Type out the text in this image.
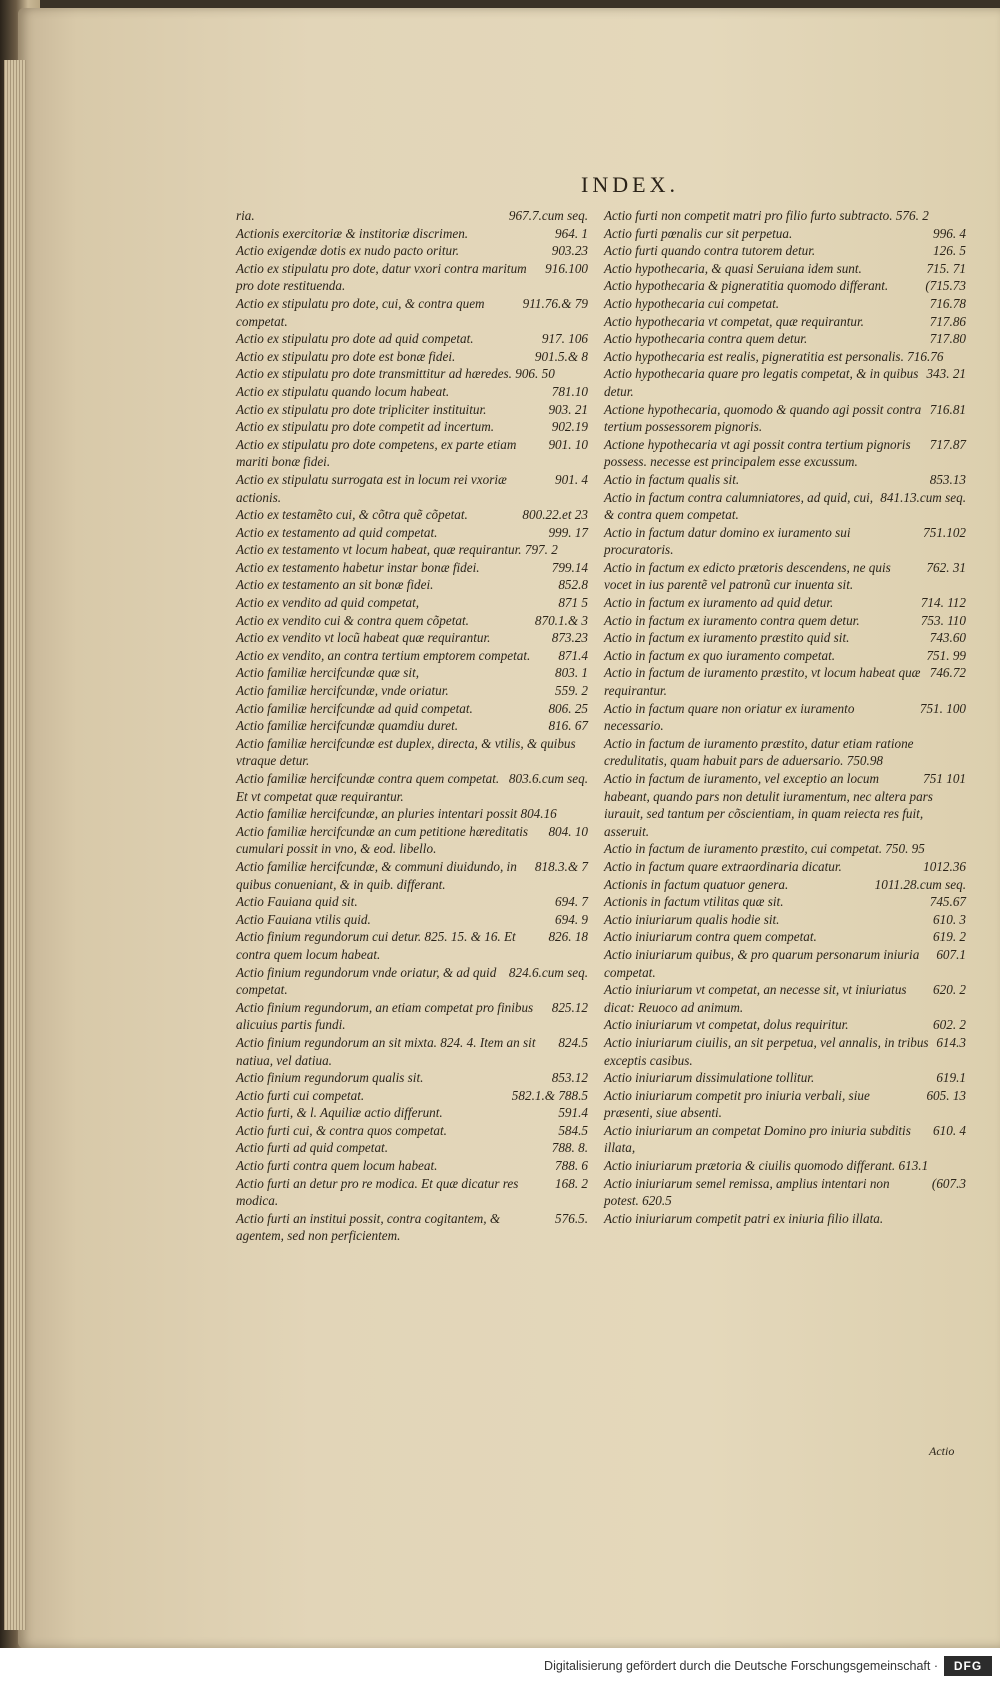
INDEX.

967.7.cum seq.
ria.

964. 1
Actionis exercitoriæ & institoriæ discrimen.

903.23
Actio exigendæ dotis ex nudo pacto oritur.

916.100
Actio ex stipulatu pro dote, datur vxori contra maritum pro dote restituenda.

911.76.& 79
Actio ex stipulatu pro dote, cui, & contra quem competat.

917. 106
Actio ex stipulatu pro dote ad quid competat.

901.5.& 8
Actio ex stipulatu pro dote est bonæ fidei.

Actio ex stipulatu pro dote transmittitur ad hæredes. 906. 50

781.10
Actio ex stipulatu quando locum habeat.

903. 21
Actio ex stipulatu pro dote tripliciter instituitur.

902.19
Actio ex stipulatu pro dote competit ad incertum.

901. 10
Actio ex stipulatu pro dote competens, ex parte etiam mariti bonæ fidei.

901. 4
Actio ex stipulatu surrogata est in locum rei vxoriæ actionis.

800.22.et 23
Actio ex testamẽto cui, & cõtra quẽ cõpetat.

999. 17
Actio ex testamento ad quid competat.

Actio ex testamento vt locum habeat, quæ requirantur. 797. 2

799.14
Actio ex testamento habetur instar bonæ fidei.

852.8
Actio ex testamento an sit bonæ fidei.

871 5
Actio ex vendito ad quid competat,

870.1.& 3
Actio ex vendito cui & contra quem cõpetat.

873.23
Actio ex vendito vt locũ habeat quæ requirantur.

871.4
Actio ex vendito, an contra tertium emptorem competat.

803. 1
Actio familiæ hercifcundæ quæ sit,

559. 2
Actio familiæ hercifcundæ, vnde oriatur.

806. 25
Actio familiæ hercifcundæ ad quid competat.

816. 67
Actio familiæ hercifcundæ quamdiu duret.

Actio familiæ hercifcundæ est duplex, directa, & vtilis, & quibus vtraque detur.

803.6.cum seq.
Actio familiæ hercifcundæ contra quem competat. Et vt competat quæ requirantur.

Actio familiæ hercifcundæ, an pluries intentari possit 804.16

804. 10
Actio familiæ hercifcundæ an cum petitione hæreditatis cumulari possit in vno, & eod. libello.

818.3.& 7
Actio familiæ hercifcundæ, & communi diuidundo, in quibus conueniant, & in quib. differant.

694. 7
Actio Fauiana quid sit.

694. 9
Actio Fauiana vtilis quid.

826. 18
Actio finium regundorum cui detur. 825. 15. & 16. Et contra quem locum habeat.

824.6.cum seq.
Actio finium regundorum vnde oriatur, & ad quid competat.

825.12
Actio finium regundorum, an etiam competat pro finibus alicuius partis fundi.

824.5
Actio finium regundorum an sit mixta. 824. 4. Item an sit natiua, vel datiua.

853.12
Actio finium regundorum qualis sit.

582.1.& 788.5
Actio furti cui competat.

591.4
Actio furti, & l. Aquiliæ actio differunt.

584.5
Actio furti cui, & contra quos competat.

788. 8.
Actio furti ad quid competat.

788. 6
Actio furti contra quem locum habeat.

168. 2
Actio furti an detur pro re modica. Et quæ dicatur res modica.

576.5.
Actio furti an institui possit, contra cogitantem, & agentem, sed non perficientem.

Actio furti non competit matri pro filio furto subtracto. 576. 2

996. 4
Actio furti pœnalis cur sit perpetua.

126. 5
Actio furti quando contra tutorem detur.

715. 71
Actio hypothecaria, & quasi Seruiana idem sunt.

(715.73
Actio hypothecaria & pigneratitia quomodo differant.

716.78
Actio hypothecaria cui competat.

717.86
Actio hypothecaria vt competat, quæ requirantur.

717.80
Actio hypothecaria contra quem detur.

Actio hypothecaria est realis, pigneratitia est personalis. 716.76

343. 21
Actio hypothecaria quare pro legatis competat, & in quibus detur.

716.81
Actione hypothecaria, quomodo & quando agi possit contra tertium possessorem pignoris.

717.87
Actione hypothecaria vt agi possit contra tertium pignoris possess. necesse est principalem esse excussum.

853.13
Actio in factum qualis sit.

841.13.cum seq.
Actio in factum contra calumniatores, ad quid, cui, & contra quem competat.

751.102
Actio in factum datur domino ex iuramento sui procuratoris.

762. 31
Actio in factum ex edicto prætoris descendens, ne quis vocet in ius parentẽ vel patronũ cur inuenta sit.

714. 112
Actio in factum ex iuramento ad quid detur.

753. 110
Actio in factum ex iuramento contra quem detur.

743.60
Actio in factum ex iuramento præstito quid sit.

751. 99
Actio in factum ex quo iuramento competat.

746.72
Actio in factum de iuramento præstito, vt locum habeat quæ requirantur.

751. 100
Actio in factum quare non oriatur ex iuramento necessario.

Actio in factum de iuramento præstito, datur etiam ratione credulitatis, quam habuit pars de aduersario. 750.98

751 101
Actio in factum de iuramento, vel exceptio an locum habeant, quando pars non detulit iuramentum, nec altera pars iurauit, sed tantum per cõscientiam, in quam reiecta res fuit, asseruit.

Actio in factum de iuramento præstito, cui competat. 750. 95

1012.36
Actio in factum quare extraordinaria dicatur.

1011.28.cum seq.
Actionis in factum quatuor genera.

745.67
Actionis in factum vtilitas quæ sit.

610. 3
Actio iniuriarum qualis hodie sit.

619. 2
Actio iniuriarum contra quem competat.

607.1
Actio iniuriarum quibus, & pro quarum personarum iniuria competat.

620. 2
Actio iniuriarum vt competat, an necesse sit, vt iniuriatus dicat: Reuoco ad animum.

602. 2
Actio iniuriarum vt competat, dolus requiritur.

614.3
Actio iniuriarum ciuilis, an sit perpetua, vel annalis, in tribus exceptis casibus.

619.1
Actio iniuriarum dissimulatione tollitur.

605. 13
Actio iniuriarum competit pro iniuria verbali, siue præsenti, siue absenti.

610. 4
Actio iniuriarum an competat Domino pro iniuria subditis illata,

Actio iniuriarum prætoria & ciuilis quomodo differant. 613.1

(607.3
Actio iniuriarum semel remissa, amplius intentari non potest. 620.5

Actio iniuriarum competit patri ex iniuria filio illata.

Actio
Digitalisierung gefördert durch die Deutsche Forschungsgemeinschaft ·	DFG
